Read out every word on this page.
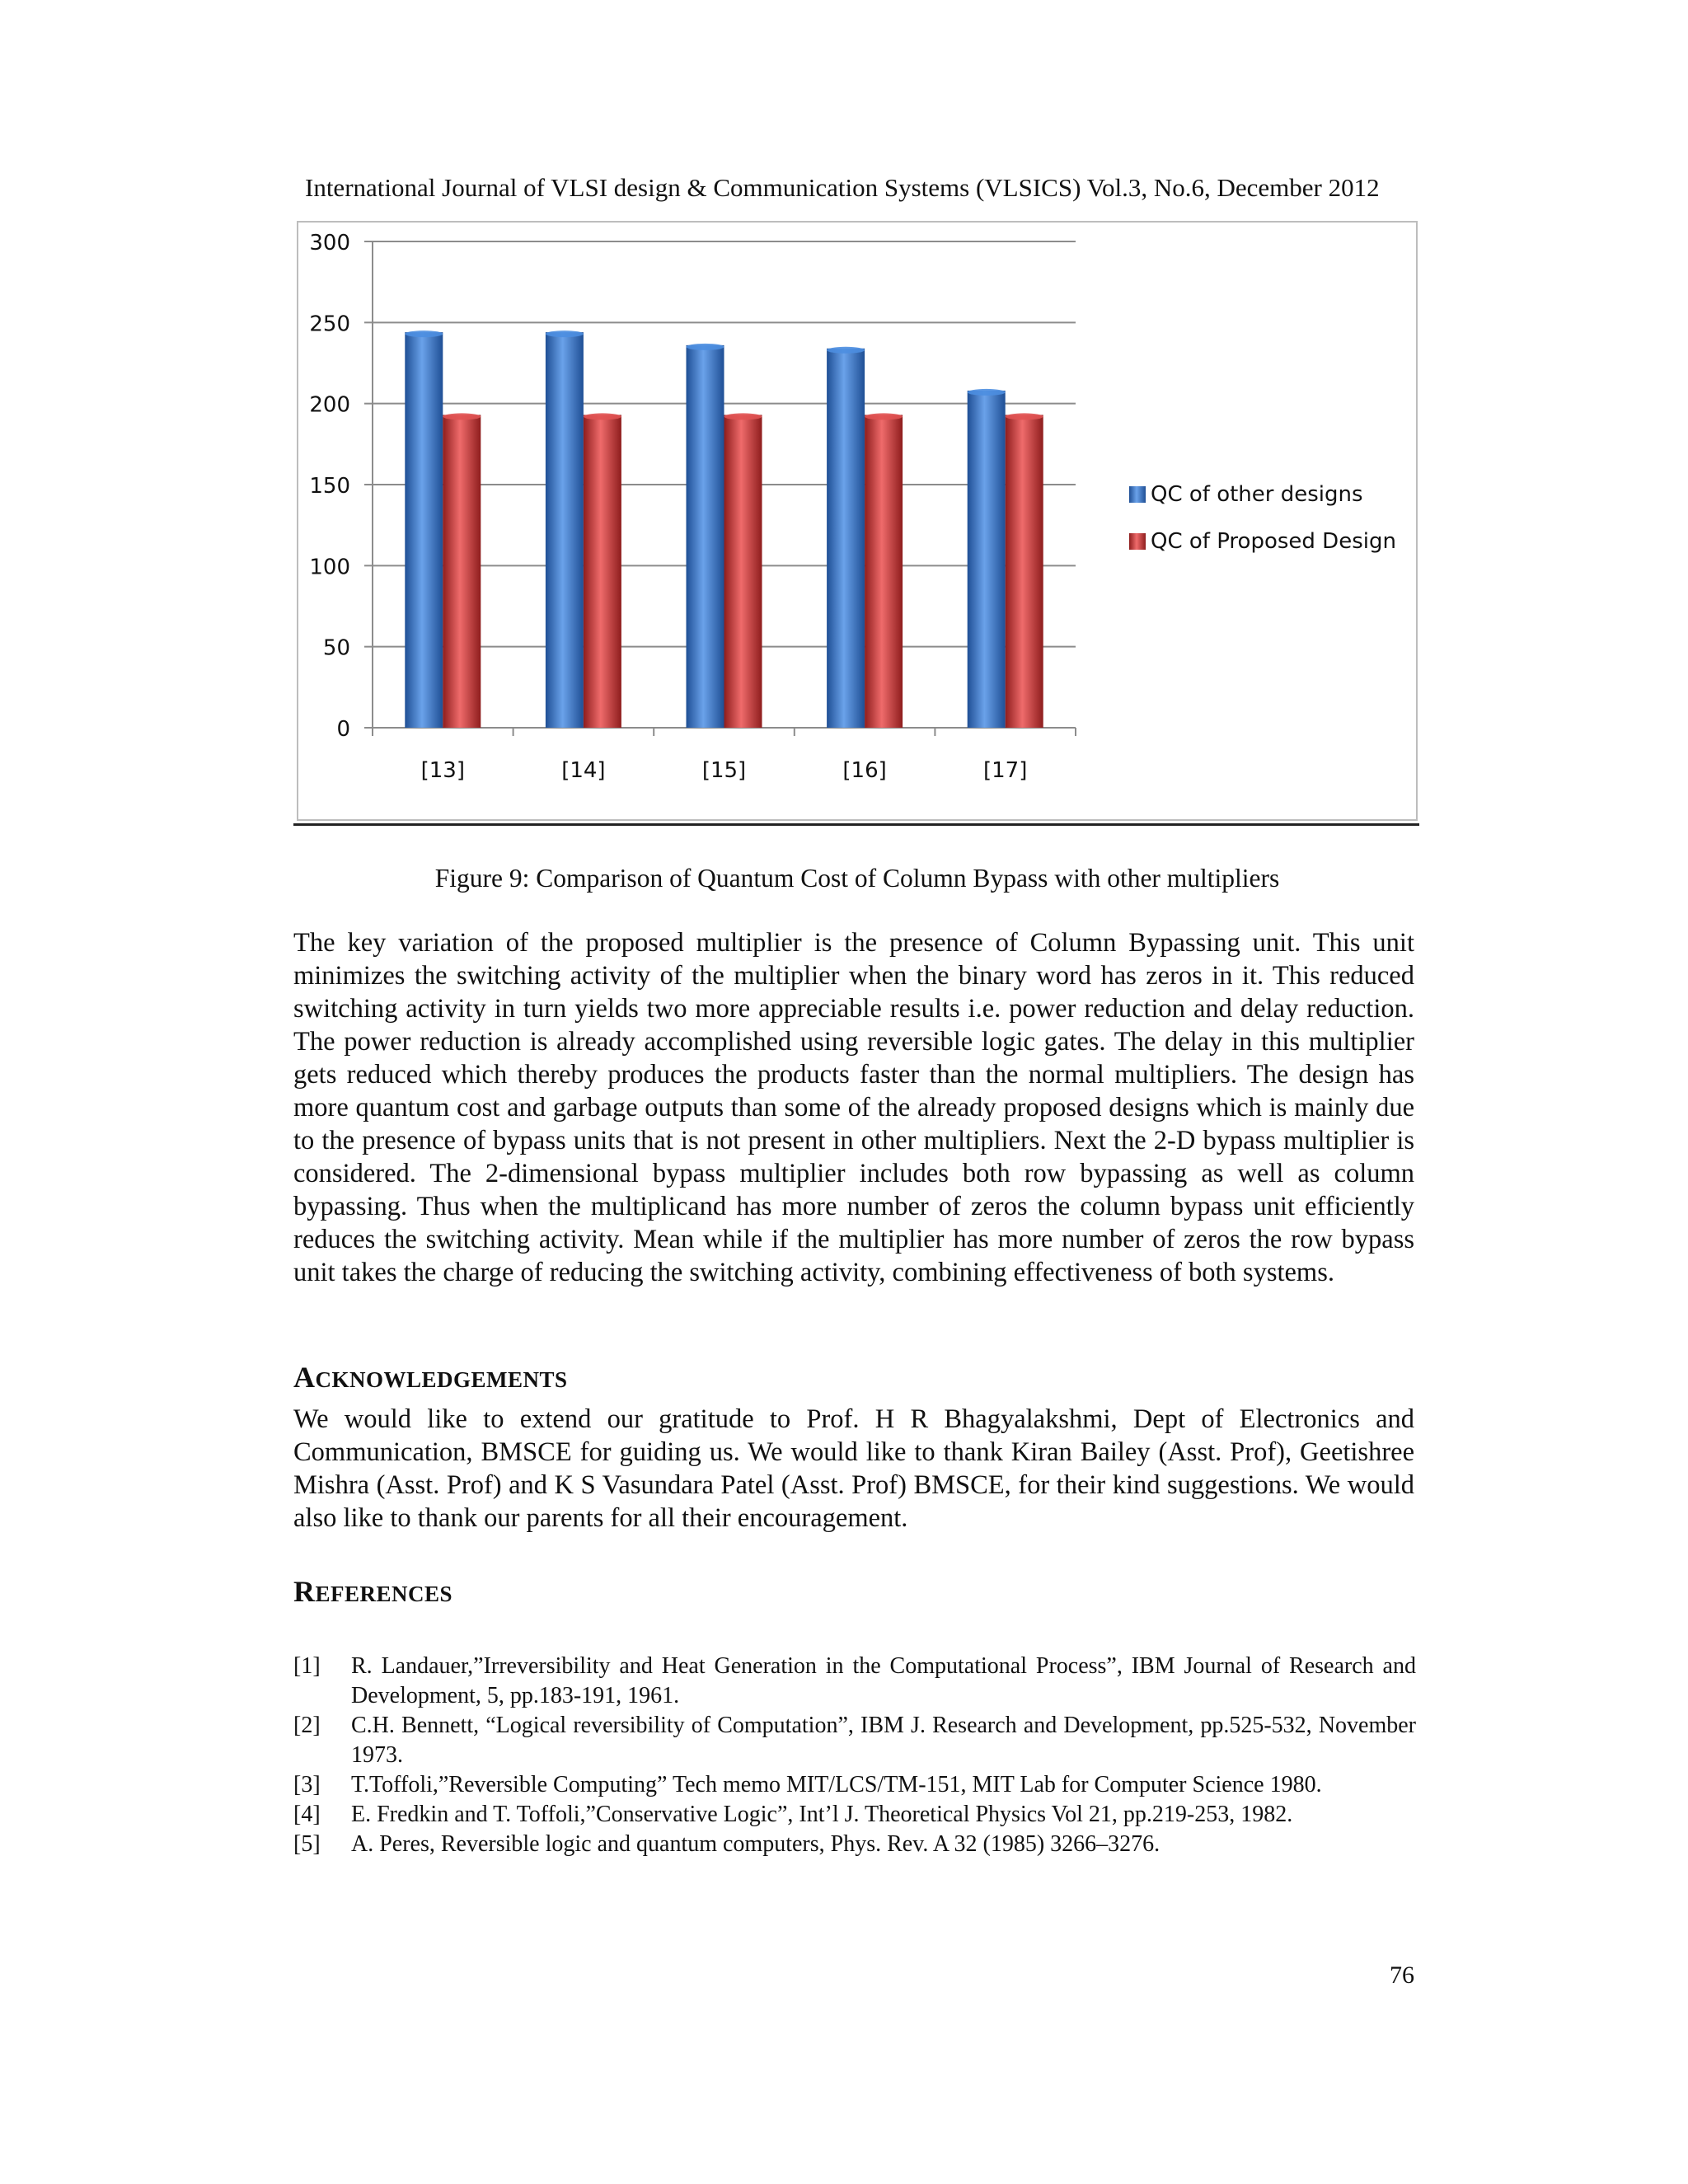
International Journal of VLSI design & Communication Systems (VLSICS) Vol.3, No.6, December 2012
0
50
100
150
200
250
300
[13]	[14]	[15]	[16]	[17]
QC of other designs
QC of Proposed Design
Figure 9: Comparison of Quantum Cost of Column Bypass with other multipliers

The key variation of the proposed multiplier is the presence of Column Bypassing unit. This unit minimizes the switching activity of the multiplier when the binary word has zeros in it. This reduced switching activity in turn yields two more appreciable results i.e. power reduction and delay reduction. The power reduction is already accomplished using reversible logic gates. The delay in this multiplier gets reduced which thereby produces the products faster than the normal multipliers. The design has more quantum cost and garbage outputs than some of the already proposed designs which is mainly due to the presence of bypass units that is not present in other multipliers. Next the 2-D bypass multiplier is considered. The 2-dimensional bypass multiplier includes both row bypassing as well as column bypassing. Thus when the multiplicand has more number of zeros the column bypass unit efficiently reduces the switching activity. Mean while if the multiplier has more number of zeros the row bypass unit takes the charge of reducing the switching activity, combining effectiveness of both systems.

ACKNOWLEDGEMENTS

We would like to extend our gratitude to Prof. H R Bhagyalakshmi, Dept of Electronics and Communication, BMSCE for guiding us. We would like to thank Kiran Bailey (Asst. Prof), Geetishree Mishra (Asst. Prof) and K S Vasundara Patel (Asst. Prof) BMSCE, for their kind suggestions. We would also like to thank our parents for all their encouragement.

REFERENCES
[1]	R. Landauer,”Irreversibility and Heat Generation in the Computational Process”, IBM Journal of Research and Development, 5, pp.183-191, 1961.
[2]	C.H. Bennett, “Logical reversibility of Computation”, IBM J. Research and Development, pp.525-532, November 1973.
[3]	T.Toffoli,”Reversible Computing” Tech memo MIT/LCS/TM-151, MIT Lab for Computer Science 1980.
[4]	E. Fredkin and T. Toffoli,”Conservative Logic”, Int’l J. Theoretical Physics Vol 21, pp.219-253, 1982.
[5]	A. Peres, Reversible logic and quantum computers, Phys. Rev. A 32 (1985) 3266–3276.
76
